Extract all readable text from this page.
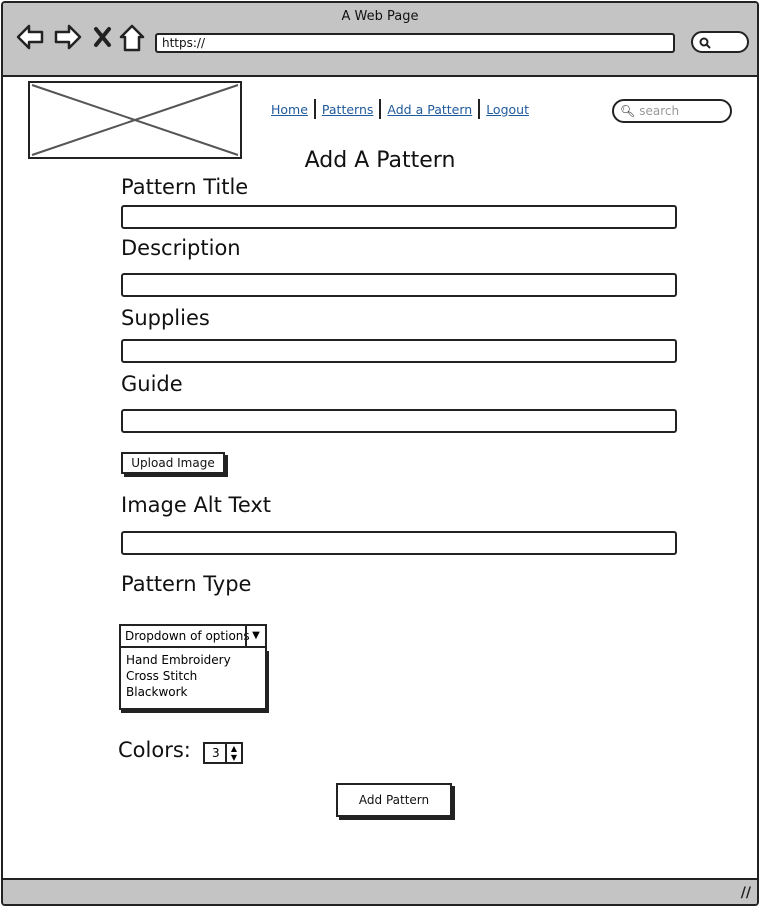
A Web Page
https://
Home	Patterns	Add a Pattern	Logout	🔍︎ search
Add A Pattern
Pattern Title
Description
Supplies
Guide
Upload Image
Image Alt Text
Pattern Type
Dropdown of options ▼
Hand Embroidery
Cross Stitch
Blackwork
Colors: 3	▲
▼
Add Pattern
//
